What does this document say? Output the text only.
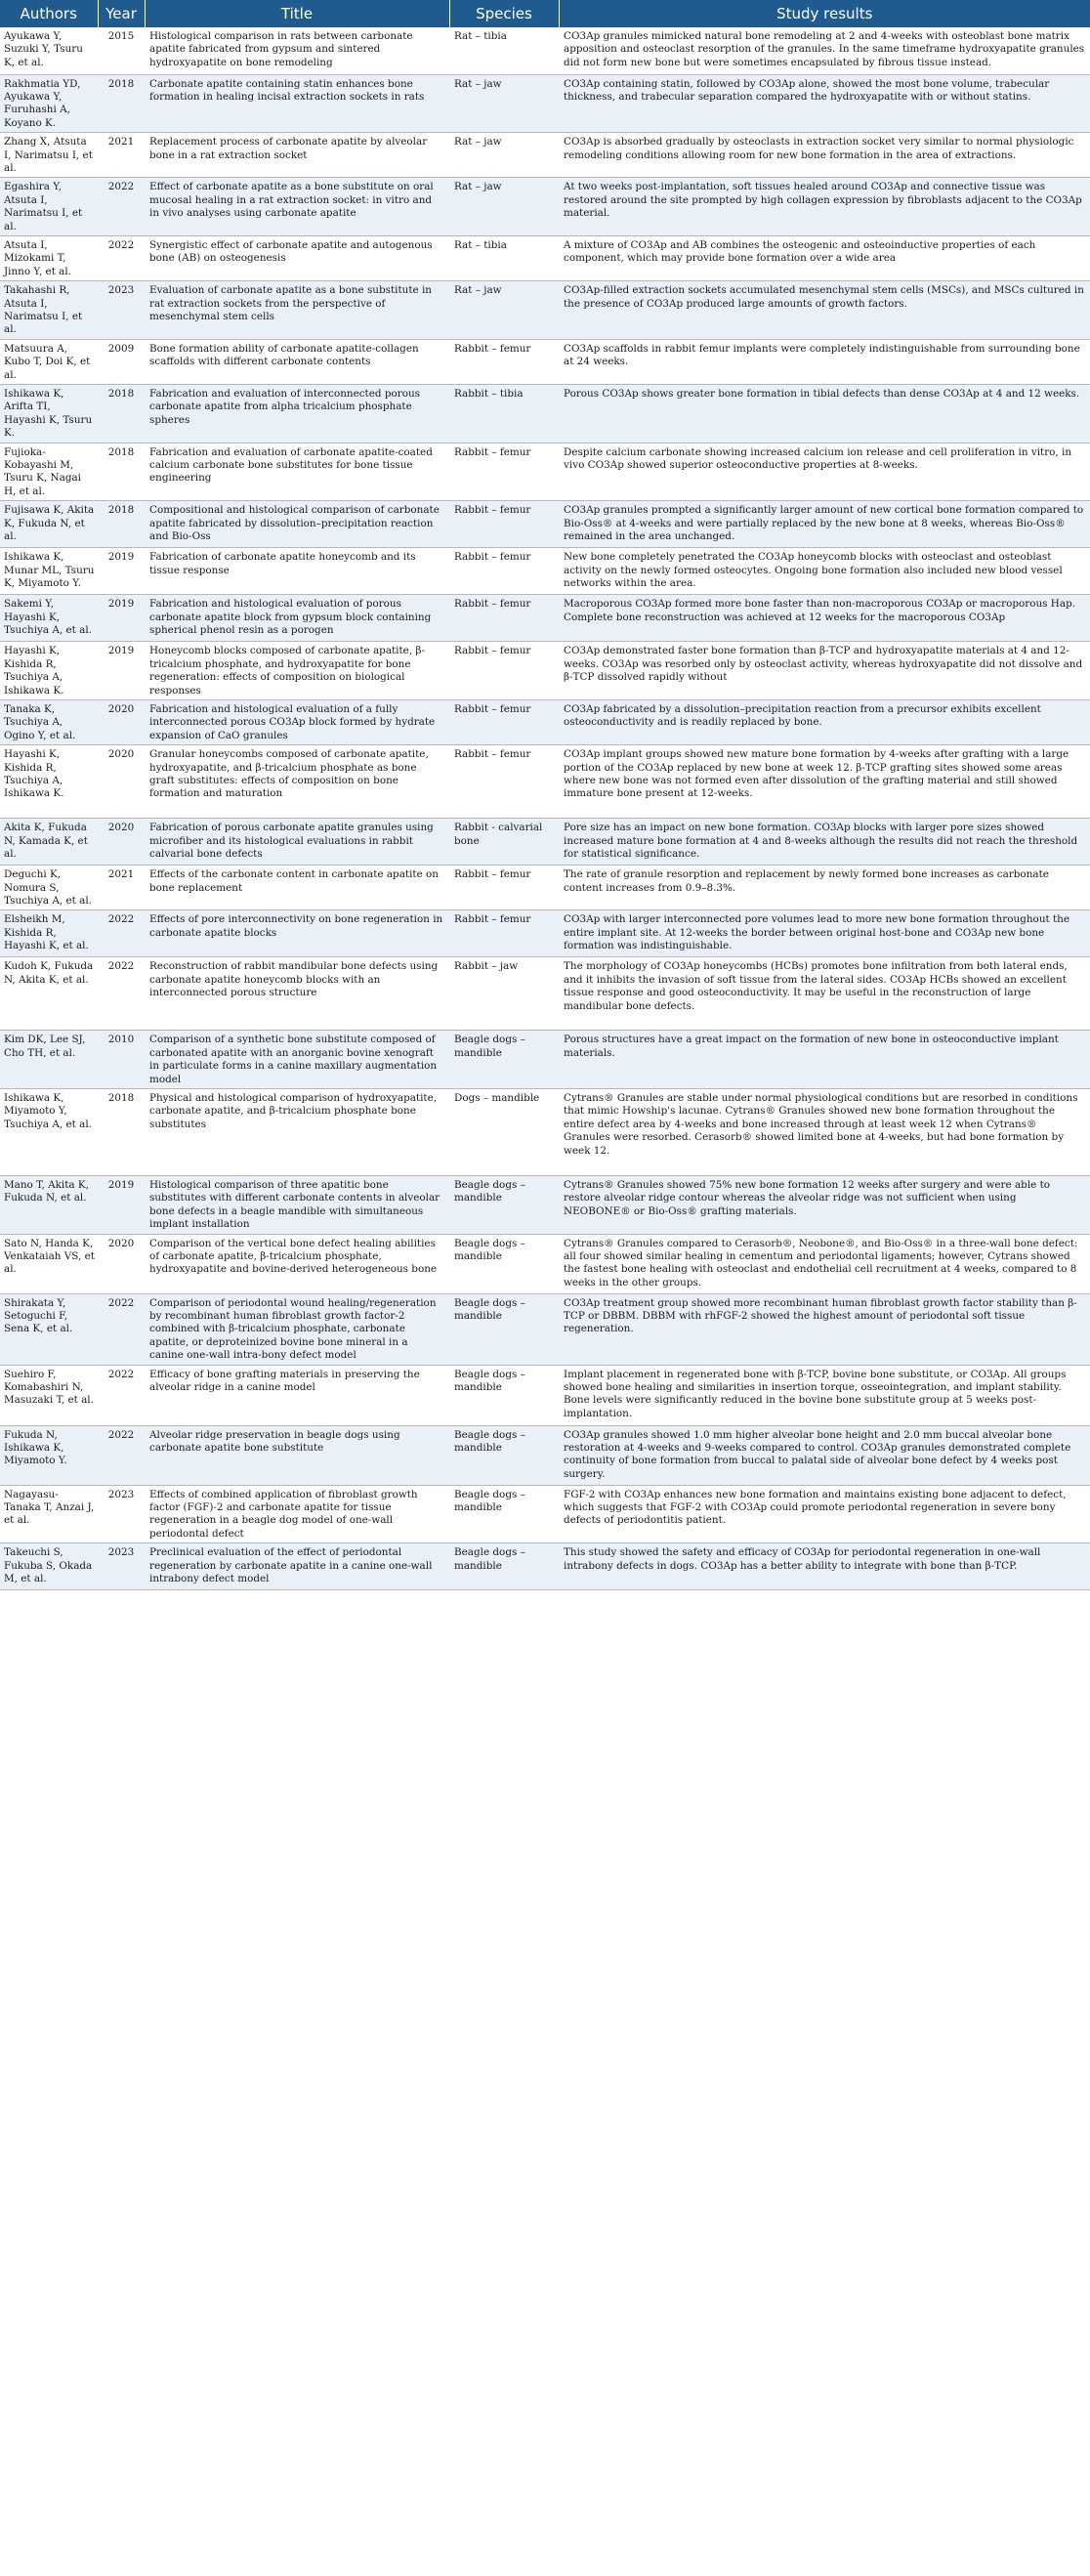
Authors	Year	Title	Species	Study results
Ayukawa Y, Suzuki Y, Tsuru K, et al.	2015	Histological comparison in rats between carbonate apatite fabricated from gypsum and sintered hydroxyapatite on bone remodeling	Rat – tibia	CO3Ap granules mimicked natural bone remodeling at 2 and 4-weeks with osteoblast bone matrix apposition and osteoclast resorption of the granules. In the same timeframe hydroxyapatite granules did not form new bone but were sometimes encapsulated by fibrous tissue instead.
Rakhmatia YD, Ayukawa Y, Furuhashi A, Koyano K.	2018	Carbonate apatite containing statin enhances bone formation in healing incisal extraction sockets in rats	Rat – jaw	CO3Ap containing statin, followed by CO3Ap alone, showed the most bone volume, trabecular thickness, and trabecular separation compared the hydroxyapatite with or without statins.
Zhang X, Atsuta I, Narimatsu I, et al.	2021	Replacement process of carbonate apatite by alveolar bone in a rat extraction socket	Rat – jaw	CO3Ap is absorbed gradually by osteoclasts in extraction socket very similar to normal physiologic remodeling conditions allowing room for new bone formation in the area of extractions.
Egashira Y, Atsuta I, Narimatsu I, et al.	2022	Effect of carbonate apatite as a bone substitute on oral mucosal healing in a rat extraction socket: in vitro and in vivo analyses using carbonate apatite	Rat – jaw	At two weeks post-implantation, soft tissues healed around CO3Ap and connective tissue was restored around the site prompted by high collagen expression by fibroblasts adjacent to the CO3Ap material.
Atsuta I, Mizokami T, Jinno Y, et al.	2022	Synergistic effect of carbonate apatite and autogenous bone (AB) on osteogenesis	Rat – tibia	A mixture of CO3Ap and AB combines the osteogenic and osteoinductive properties of each component, which may provide bone formation over a wide area
Takahashi R, Atsuta I, Narimatsu I, et al.	2023	Evaluation of carbonate apatite as a bone substitute in rat extraction sockets from the perspective of mesenchymal stem cells	Rat – jaw	CO3Ap-filled extraction sockets accumulated mesenchymal stem cells (MSCs), and MSCs cultured in the presence of CO3Ap produced large amounts of growth factors.
Matsuura A, Kubo T, Doi K, et al.	2009	Bone formation ability of carbonate apatite-collagen scaffolds with different carbonate contents	Rabbit – femur	CO3Ap scaffolds in rabbit femur implants were completely indistinguishable from surrounding bone at 24 weeks.
Ishikawa K, Arifta TI, Hayashi K, Tsuru K.	2018	Fabrication and evaluation of interconnected porous carbonate apatite from alpha tricalcium phosphate spheres	Rabbit – tibia	Porous CO3Ap shows greater bone formation in tibial defects than dense CO3Ap at 4 and 12 weeks.
Fujioka-Kobayashi M, Tsuru K, Nagai H, et al.	2018	Fabrication and evaluation of carbonate apatite-coated calcium carbonate bone substitutes for bone tissue engineering	Rabbit – femur	Despite calcium carbonate showing increased calcium ion release and cell proliferation in vitro, in vivo CO3Ap showed superior osteoconductive properties at 8-weeks.
Fujisawa K, Akita K, Fukuda N, et al.	2018	Compositional and histological comparison of carbonate apatite fabricated by dissolution–precipitation reaction and Bio-Oss	Rabbit – femur	CO3Ap granules prompted a significantly larger amount of new cortical bone formation compared to Bio-Oss® at 4-weeks and were partially replaced by the new bone at 8 weeks, whereas Bio-Oss® remained in the area unchanged.
Ishikawa K, Munar ML, Tsuru K, Miyamoto Y.	2019	Fabrication of carbonate apatite honeycomb and its tissue response	Rabbit – femur	New bone completely penetrated the CO3Ap honeycomb blocks with osteoclast and osteoblast activity on the newly formed osteocytes. Ongoing bone formation also included new blood vessel networks within the area.
Sakemi Y, Hayashi K, Tsuchiya A, et al.	2019	Fabrication and histological evaluation of porous carbonate apatite block from gypsum block containing spherical phenol resin as a porogen	Rabbit – femur	Macroporous CO3Ap formed more bone faster than non-macroporous CO3Ap or macroporous Hap. Complete bone reconstruction was achieved at 12 weeks for the macroporous CO3Ap
Hayashi K, Kishida R, Tsuchiya A, Ishikawa K.	2019	Honeycomb blocks composed of carbonate apatite, β-tricalcium phosphate, and hydroxyapatite for bone regeneration: effects of composition on biological responses	Rabbit – femur	CO3Ap demonstrated faster bone formation than β-TCP and hydroxyapatite materials at 4 and 12-weeks. CO3Ap was resorbed only by osteoclast activity, whereas hydroxyapatite did not dissolve and β-TCP dissolved rapidly without
Tanaka K, Tsuchiya A, Ogino Y, et al.	2020	Fabrication and histological evaluation of a fully interconnected porous CO3Ap block formed by hydrate expansion of CaO granules	Rabbit – femur	CO3Ap fabricated by a dissolution–precipitation reaction from a precursor exhibits excellent osteoconductivity and is readily replaced by bone.
Hayashi K, Kishida R, Tsuchiya A, Ishikawa K.	2020	Granular honeycombs composed of carbonate apatite, hydroxyapatite, and β-tricalcium phosphate as bone graft substitutes: effects of composition on bone formation and maturation	Rabbit – femur	CO3Ap implant groups showed new mature bone formation by 4-weeks after grafting with a large portion of the CO3Ap replaced by new bone at week 12. β-TCP grafting sites showed some areas where new bone was not formed even after dissolution of the grafting material and still showed immature bone present at 12-weeks.
Akita K, Fukuda N, Kamada K, et al.	2020	Fabrication of porous carbonate apatite granules using microfiber and its histological evaluations in rabbit calvarial bone defects	Rabbit - calvarial bone	Pore size has an impact on new bone formation. CO3Ap blocks with larger pore sizes showed increased mature bone formation at 4 and 8-weeks although the results did not reach the threshold for statistical significance.
Deguchi K, Nomura S, Tsuchiya A, et al.	2021	Effects of the carbonate content in carbonate apatite on bone replacement	Rabbit – femur	The rate of granule resorption and replacement by newly formed bone increases as carbonate content increases from 0.9–8.3%.
Elsheikh M, Kishida R, Hayashi K, et al.	2022	Effects of pore interconnectivity on bone regeneration in carbonate apatite blocks	Rabbit – femur	CO3Ap with larger interconnected pore volumes lead to more new bone formation throughout the entire implant site. At 12-weeks the border between original host-bone and CO3Ap new bone formation was indistinguishable.
Kudoh K, Fukuda N, Akita K, et al.	2022	Reconstruction of rabbit mandibular bone defects using carbonate apatite honeycomb blocks with an interconnected porous structure	Rabbit – jaw	The morphology of CO3Ap honeycombs (HCBs) promotes bone infiltration from both lateral ends, and it inhibits the invasion of soft tissue from the lateral sides. CO3Ap HCBs showed an excellent tissue response and good osteoconductivity. It may be useful in the reconstruction of large mandibular bone defects.
Kim DK, Lee SJ, Cho TH, et al.	2010	Comparison of a synthetic bone substitute composed of carbonated apatite with an anorganic bovine xenograft in particulate forms in a canine maxillary augmentation model	Beagle dogs – mandible	Porous structures have a great impact on the formation of new bone in osteoconductive implant materials.
Ishikawa K, Miyamoto Y, Tsuchiya A, et al.	2018	Physical and histological comparison of hydroxyapatite, carbonate apatite, and β-tricalcium phosphate bone substitutes	Dogs – mandible	Cytrans® Granules are stable under normal physiological conditions but are resorbed in conditions that mimic Howship's lacunae. Cytrans® Granules showed new bone formation throughout the entire defect area by 4-weeks and bone increased through at least week 12 when Cytrans® Granules were resorbed. Cerasorb® showed limited bone at 4-weeks, but had bone formation by week 12.
Mano T, Akita K, Fukuda N, et al.	2019	Histological comparison of three apatitic bone substitutes with different carbonate contents in alveolar bone defects in a beagle mandible with simultaneous implant installation	Beagle dogs – mandible	Cytrans® Granules showed 75% new bone formation 12 weeks after surgery and were able to restore alveolar ridge contour whereas the alveolar ridge was not sufficient when using NEOBONE® or Bio-Oss® grafting materials.
Sato N, Handa K, Venkataiah VS, et al.	2020	Comparison of the vertical bone defect healing abilities of carbonate apatite, β-tricalcium phosphate, hydroxyapatite and bovine-derived heterogeneous bone	Beagle dogs – mandible	Cytrans® Granules compared to Cerasorb®, Neobone®, and Bio-Oss® in a three-wall bone defect: all four showed similar healing in cementum and periodontal ligaments; however, Cytrans showed the fastest bone healing with osteoclast and endothelial cell recruitment at 4 weeks, compared to 8 weeks in the other groups.
Shirakata Y, Setoguchi F, Sena K, et al.	2022	Comparison of periodontal wound healing/regeneration by recombinant human fibroblast growth factor-2 combined with β-tricalcium phosphate, carbonate apatite, or deproteinized bovine bone mineral in a canine one-wall intra-bony defect model	Beagle dogs – mandible	CO3Ap treatment group showed more recombinant human fibroblast growth factor stability than β-TCP or DBBM. DBBM with rhFGF-2 showed the highest amount of periodontal soft tissue regeneration.
Suehiro F, Komabashiri N, Masuzaki T, et al.	2022	Efficacy of bone grafting materials in preserving the alveolar ridge in a canine model	Beagle dogs – mandible	Implant placement in regenerated bone with β-TCP, bovine bone substitute, or CO3Ap. All groups showed bone healing and similarities in insertion torque, osseointegration, and implant stability. Bone levels were significantly reduced in the bovine bone substitute group at 5 weeks post-implantation.
Fukuda N, Ishikawa K, Miyamoto Y.	2022	Alveolar ridge preservation in beagle dogs using carbonate apatite bone substitute	Beagle dogs – mandible	CO3Ap granules showed 1.0 mm higher alveolar bone height and 2.0 mm buccal alveolar bone restoration at 4-weeks and 9-weeks compared to control. CO3Ap granules demonstrated complete continuity of bone formation from buccal to palatal side of alveolar bone defect by 4 weeks post surgery.
Nagayasu-Tanaka T, Anzai J, et al.	2023	Effects of combined application of fibroblast growth factor (FGF)-2 and carbonate apatite for tissue regeneration in a beagle dog model of one-wall periodontal defect	Beagle dogs – mandible	FGF-2 with CO3Ap enhances new bone formation and maintains existing bone adjacent to defect, which suggests that FGF-2 with CO3Ap could promote periodontal regeneration in severe bony defects of periodontitis patient.
Takeuchi S, Fukuba S, Okada M, et al.	2023	Preclinical evaluation of the effect of periodontal regeneration by carbonate apatite in a canine one-wall intrabony defect model	Beagle dogs – mandible	This study showed the safety and efficacy of CO3Ap for periodontal regeneration in one-wall intrabony defects in dogs. CO3Ap has a better ability to integrate with bone than β-TCP.
